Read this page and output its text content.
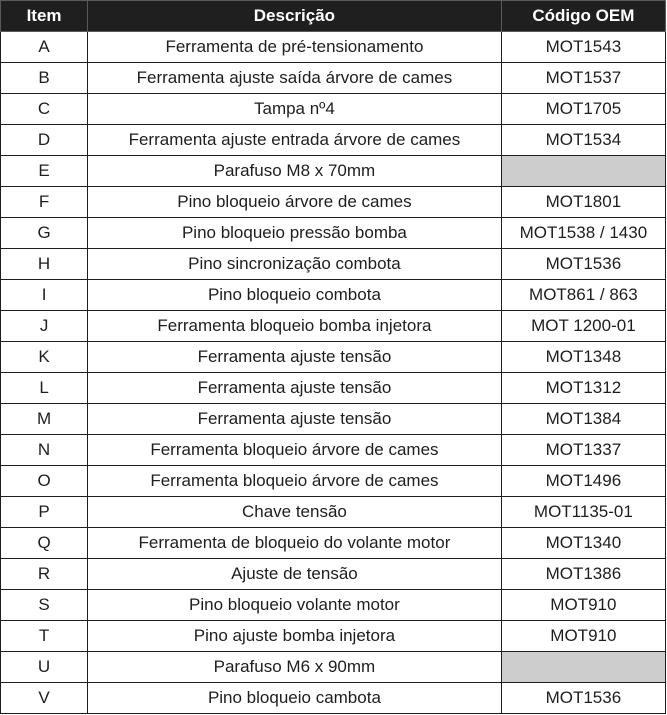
Item	Descrição	Código OEM
A	Ferramenta de pré-tensionamento	MOT1543
B	Ferramenta ajuste saída árvore de cames	MOT1537
C	Tampa nº4	MOT1705
D	Ferramenta ajuste entrada árvore de cames	MOT1534
E	Parafuso M8 x 70mm	
F	Pino bloqueio árvore de cames	MOT1801
G	Pino bloqueio pressão bomba	MOT1538 / 1430
H	Pino sincronização combota	MOT1536
I	Pino bloqueio combota	MOT861 / 863
J	Ferramenta bloqueio bomba injetora	MOT 1200-01
K	Ferramenta ajuste tensão	MOT1348
L	Ferramenta ajuste tensão	MOT1312
M	Ferramenta ajuste tensão	MOT1384
N	Ferramenta bloqueio árvore de cames	MOT1337
O	Ferramenta bloqueio árvore de cames	MOT1496
P	Chave tensão	MOT1135-01
Q	Ferramenta de bloqueio do volante motor	MOT1340
R	Ajuste de tensão	MOT1386
S	Pino bloqueio volante motor	MOT910
T	Pino ajuste bomba injetora	MOT910
U	Parafuso M6 x 90mm	
V	Pino bloqueio cambota	MOT1536
